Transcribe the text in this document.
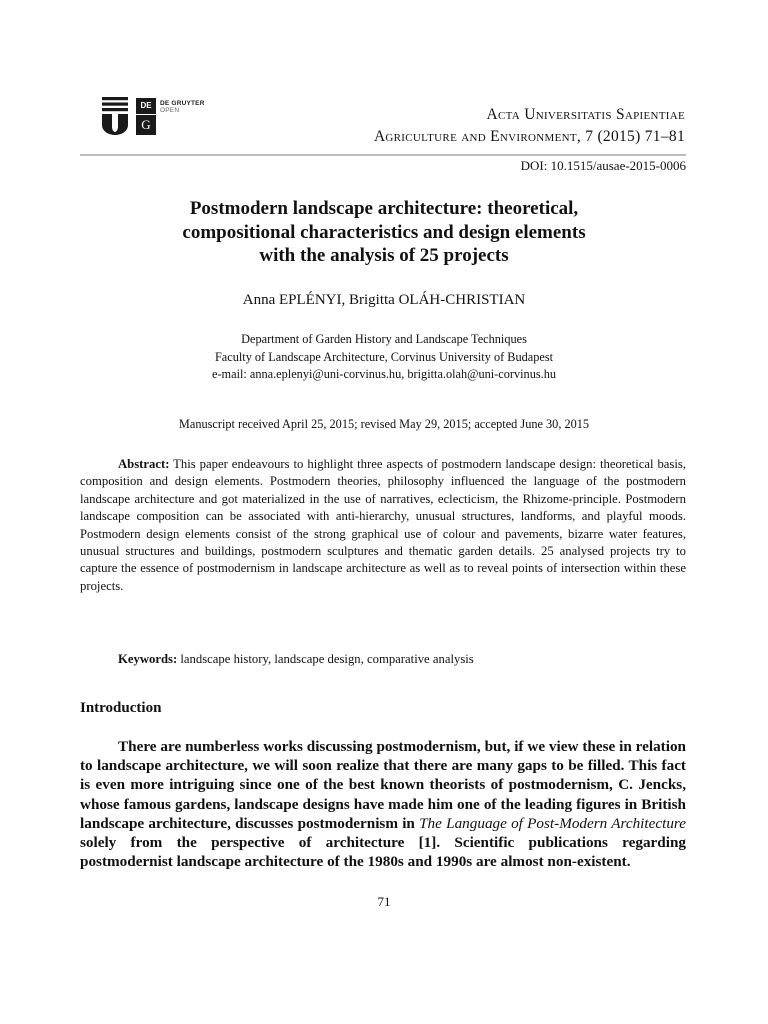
DE
G
DE GRUYTER
OPEN	Acta Universitatis Sapientiae
Agriculture and Environment, 7 (2015) 71–81
DOI: 10.1515/ausae-2015-0006
Postmodern landscape architecture: theoretical,
compositional characteristics and design elements
with the analysis of 25 projects
Anna EPLÉNYI, Brigitta OLÁH-CHRISTIAN
Department of Garden History and Landscape Techniques
Faculty of Landscape Architecture, Corvinus University of Budapest
e-mail: anna.eplenyi@uni-corvinus.hu, brigitta.olah@uni-corvinus.hu
Manuscript received April 25, 2015; revised May 29, 2015; accepted June 30, 2015
Abstract: This paper endeavours to highlight three aspects of postmodern landscape design: theoretical basis, composition and design elements. Postmodern theories, philosophy influenced the language of the postmodern landscape architecture and got materialized in the use of narratives, eclecticism, the Rhizome-principle. Postmodern landscape composition can be associated with anti-hierarchy, unusual structures, landforms, and playful moods. Postmodern design elements consist of the strong graphical use of colour and pavements, bizarre water features, unusual structures and buildings, postmodern sculptures and thematic garden details. 25 analysed projects try to capture the essence of postmodernism in landscape architecture as well as to reveal points of intersection within these projects.
Keywords: landscape history, landscape design, comparative analysis
Introduction
There are numberless works discussing postmodernism, but, if we view these in relation to landscape architecture, we will soon realize that there are many gaps to be filled. This fact is even more intriguing since one of the best known theorists of postmodernism, C. Jencks, whose famous gardens, landscape designs have made him one of the leading figures in British landscape architecture, discusses postmodernism in The Language of Post-Modern Architecture solely from the perspective of architecture [1]. Scientific publications regarding postmodernist landscape architecture of the 1980s and 1990s are almost non-existent.
71
